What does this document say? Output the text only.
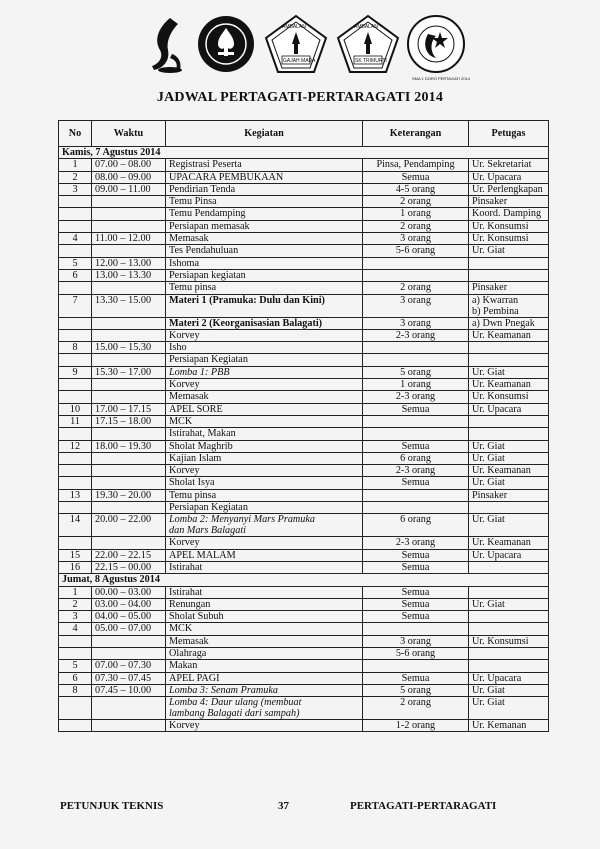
AMBALAN
GAJAH MADA
AMBALAN
SK TRIMURTI
SMA 1 DORO PERTAGATI 2014
JADWAL PERTAGATI-PERTARAGATI 2014
No	Waktu	Kegiatan	Keterangan	Petugas
Kamis, 7 Agustus 2014				
1	07.00 – 08.00	Registrasi Peserta	Pinsa, Pendamping	Ur. Sekretariat
2	08.00 – 09.00	UPACARA PEMBUKAAN	Semua	Ur. Upacara
3	09.00 – 11.00	Pendirian Tenda	4-5 orang	Ur. Perlengkapan
		Temu Pinsa	2 orang	Pinsaker
		Temu Pendamping	1 orang	Koord. Damping
		Persiapan memasak	2 orang	Ur. Konsumsi
4	11.00 – 12.00	Memasak	3 orang	Ur. Konsumsi
		Tes Pendahuluan	5-6 orang	Ur. Giat
5	12.00 – 13.00	Ishoma		
6	13.00 – 13.30	Persiapan kegiatan		
		Temu pinsa	2 orang	Pinsaker
7	13.30 – 15.00	Materi 1 (Pramuka: Dulu dan Kini)	3 orang	a) Kwarran
b) Pembina
		Materi 2 (Keorganisasian Balagati)	3 orang	a) Dwn Pnegak
		Korvey	2-3 orang	Ur. Keamanan
8	15.00 – 15.30	Isho		
		Persiapan Kegiatan		
9	15.30 – 17.00	Lomba 1: PBB	5 orang	Ur. Giat
		Korvey	1 orang	Ur. Keamanan
		Memasak	2-3 orang	Ur. Konsumsi
10	17.00 – 17.15	APEL SORE	Semua	Ur. Upacara
11	17.15 – 18.00	MCK		
		Istirahat, Makan		
12	18.00 – 19.30	Sholat Maghrib	Semua	Ur. Giat
		Kajian Islam	6 orang	Ur. Giat
		Korvey	2-3 orang	Ur. Keamanan
		Sholat Isya	Semua	Ur. Giat
13	19.30 – 20.00	Temu pinsa		Pinsaker
		Persiapan Kegiatan		
14	20.00 – 22.00	Lomba 2: Menyanyi Mars Pramuka
dan Mars Balagati	6 orang	Ur. Giat
		Korvey	2-3 orang	Ur. Keamanan
15	22.00 – 22.15	APEL MALAM	Semua	Ur. Upacara
16	22.15 – 00.00	Istirahat	Semua	
Jumat, 8 Agustus 2014				
1	00.00 – 03.00	Istirahat	Semua	
2	03.00 – 04.00	Renungan	Semua	Ur. Giat
3	04.00 – 05.00	Sholat Subuh	Semua	
4	05.00 – 07.00	MCK		
		Memasak	3 orang	Ur. Konsumsi
		Olahraga	5-6 orang	
5	07.00 – 07.30	Makan		
6	07.30 – 07.45	APEL PAGI	Semua	Ur. Upacara
8	07.45 – 10.00	Lomba 3: Senam Pramuka	5 orang	Ur. Giat
		Lomba 4: Daur ulang (membuat
lambang Balagati dari sampah)	2 orang	Ur. Giat
		Korvey	1-2 orang	Ur. Kemanan
PETUNJUK TEKNIS	37	PERTAGATI-PERTARAGATI
